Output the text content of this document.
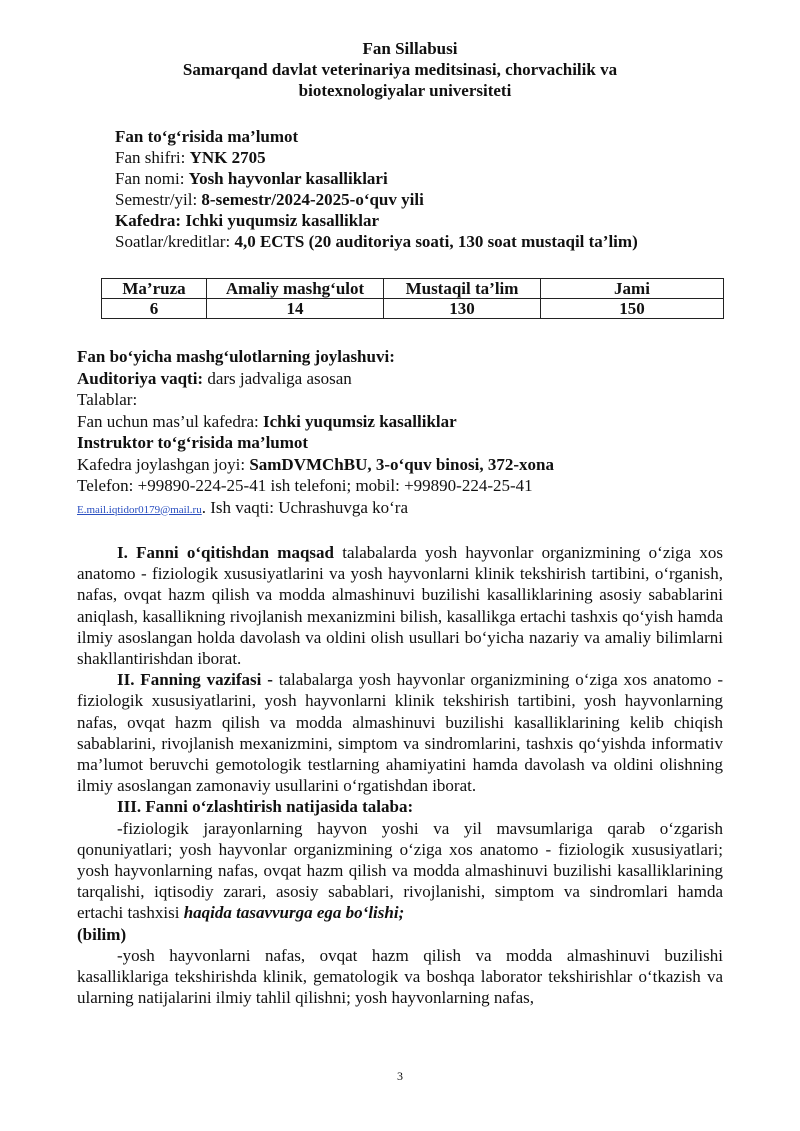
Fan Sillabusi
Samarqand davlat veterinariya meditsinasi, chorvachilik va
biotexnologiyalar universiteti
Fan to‘g‘risida ma’lumot
Fan shifri: YNK 2705
Fan nomi: Yosh hayvonlar kasalliklari
Semestr/yil: 8-semestr/2024-2025-o‘quv yili
Kafedra: Ichki yuqumsiz kasalliklar
Soatlar/kreditlar: 4,0 ECTS (20 auditoriya soati, 130 soat mustaqil ta’lim)
Ma’ruza	Amaliy mashg‘ulot	Mustaqil ta’lim	Jami
6	14	130	150
Fan bo‘yicha mashg‘ulotlarning joylashuvi:
Auditoriya vaqti: dars jadvaliga asosan
Talablar:
Fan uchun mas’ul kafedra: Ichki yuqumsiz kasalliklar
Instruktor to‘g‘risida ma’lumot
Kafedra joylashgan joyi: SamDVMChBU, 3-o‘quv binosi, 372-xona
Telefon: +99890-224-25-41 ish telefoni; mobil: +99890-224-25-41
E.mail.iqtidor0179@mail.ru. Ish vaqti: Uchrashuvga ko‘ra

I. Fanni o‘qitishdan maqsad talabalarda yosh hayvonlar organizmining o‘ziga xos anatomo - fiziologik xususiyatlarini va yosh hayvonlarni klinik tekshirish tartibini, o‘rganish, nafas, ovqat hazm qilish va modda almashinuvi buzilishi kasalliklarining asosiy sabablarini aniqlash, kasallikning rivojlanish mexanizmini bilish, kasallikga ertachi tashxis qo‘yish hamda ilmiy asoslangan holda davolash va oldini olish usullari bo‘yicha nazariy va amaliy bilimlarni shakllantirishdan iborat.

II. Fanning vazifasi - talabalarga yosh hayvonlar organizmining o‘ziga xos anatomo - fiziologik xususiyatlarini, yosh hayvonlarni klinik tekshirish tartibini, yosh hayvonlarning nafas, ovqat hazm qilish va modda almashinuvi buzilishi kasalliklarining kelib chiqish sabablarini, rivojlanish mexanizmini, simptom va sindromlarini, tashxis qo‘yishda informativ ma’lumot beruvchi gemotologik testlarning ahamiyatini hamda davolash va oldini olishning ilmiy asoslangan zamonaviy usullarini o‘rgatishdan iborat.

III. Fanni o‘zlashtirish natijasida talaba:

-fiziologik jarayonlarning hayvon yoshi va yil mavsumlariga qarab o‘zgarish qonuniyatlari; yosh hayvonlar organizmining o‘ziga xos anatomo - fiziologik xususiyatlari; yosh hayvonlarning nafas, ovqat hazm qilish va modda almashinuvi buzilishi kasalliklarining tarqalishi, iqtisodiy zarari, asosiy sabablari, rivojlanishi, simptom va sindromlari hamda ertachi tashxisi haqida tasavvurga ega bo‘lishi;
(bilim)

-yosh hayvonlarni nafas, ovqat hazm qilish va modda almashinuvi buzilishi kasalliklariga tekshirishda klinik, gematologik va boshqa laborator tekshirishlar o‘tkazish va ularning natijalarini ilmiy tahlil qilishni; yosh hayvonlarning nafas,

3
